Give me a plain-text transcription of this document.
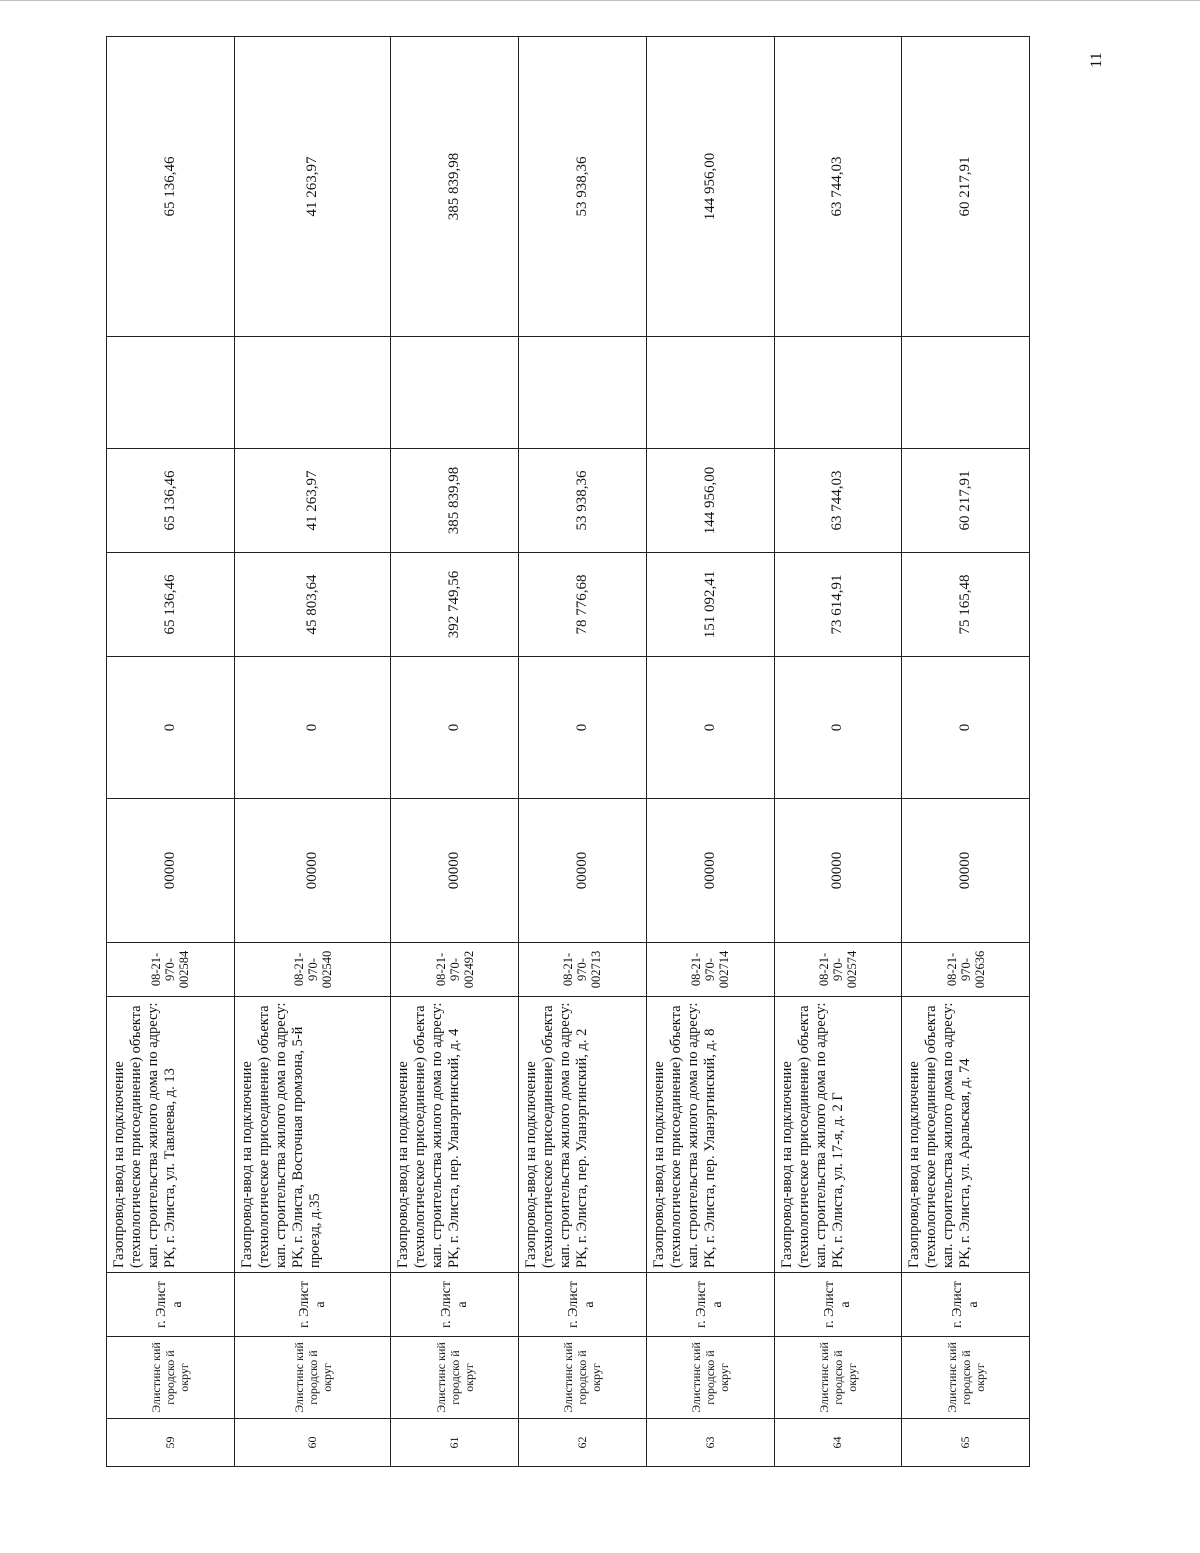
11
59	Элистинс кий городско й округ	г. Элист а	Газопровод-ввод на подключение (технологическое присоединение) объекта кап. строительства жилого дома по адресу: РК, г. Элиста, ул. Тавлеева, д. 13	08-21-970-002584	00000	0	65 136,46	65 136,46		65 136,46
60	Элистинс кий городско й округ	г. Элист а	Газопровод-ввод на подключение (технологическое присоединение) объекта кап. строительства жилого дома по адресу: РК, г. Элиста, Восточная промзона, 5-й проезд, д.35	08-21-970-002540	00000	0	45 803,64	41 263,97		41 263,97
61	Элистинс кий городско й округ	г. Элист а	Газопровод-ввод на подключение (технологическое присоединение) объекта кап. строительства жилого дома по адресу: РК, г. Элиста, пер. Уланэргинский, д. 4	08-21-970-002492	00000	0	392 749,56	385 839,98		385 839,98
62	Элистинс кий городско й округ	г. Элист а	Газопровод-ввод на подключение (технологическое присоединение) объекта кап. строительства жилого дома по адресу: РК, г. Элиста, пер. Уланэргинский, д. 2	08-21-970-002713	00000	0	78 776,68	53 938,36		53 938,36
63	Элистинс кий городско й округ	г. Элист а	Газопровод-ввод на подключение (технологическое присоединение) объекта кап. строительства жилого дома по адресу: РК, г. Элиста, пер. Уланэргинский, д. 8	08-21-970-002714	00000	0	151 092,41	144 956,00		144 956,00
64	Элистинс кий городско й округ	г. Элист а	Газопровод-ввод на подключение (технологическое присоединение) объекта кап. строительства жилого дома по адресу: РК, г. Элиста, ул. 17-я, д. 2 Г	08-21-970-002574	00000	0	73 614,91	63 744,03		63 744,03
65	Элистинс кий городско й округ	г. Элист а	Газопровод-ввод на подключение (технологическое присоединение) объекта кап. строительства жилого дома по адресу: РК, г. Элиста, ул. Аральская, д. 74	08-21-970-002636	00000	0	75 165,48	60 217,91		60 217,91
